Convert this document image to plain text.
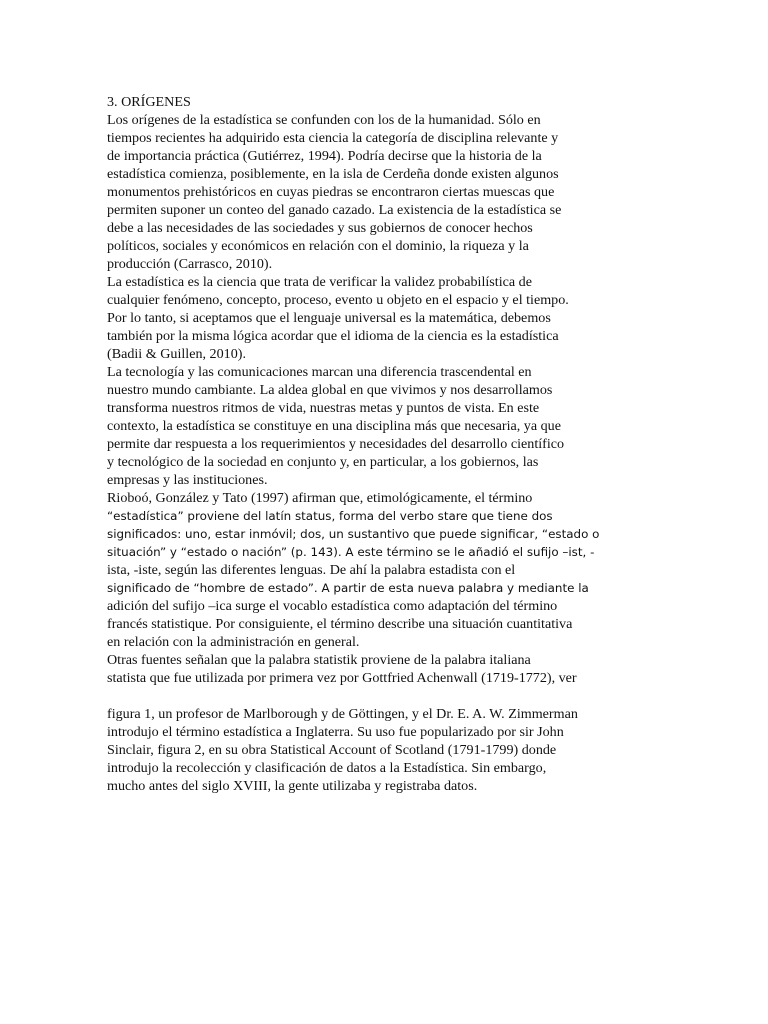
3. ORÍGENES
Los orígenes de la estadística se confunden con los de la humanidad. Sólo en
tiempos recientes ha adquirido esta ciencia la categoría de disciplina relevante y
de importancia práctica (Gutiérrez, 1994). Podría decirse que la historia de la
estadística comienza, posiblemente, en la isla de Cerdeña donde existen algunos
monumentos prehistóricos en cuyas piedras se encontraron ciertas muescas que
permiten suponer un conteo del ganado cazado. La existencia de la estadística se
debe a las necesidades de las sociedades y sus gobiernos de conocer hechos
políticos, sociales y económicos en relación con el dominio, la riqueza y la
producción (Carrasco, 2010).
La estadística es la ciencia que trata de verificar la validez probabilística de
cualquier fenómeno, concepto, proceso, evento u objeto en el espacio y el tiempo.
Por lo tanto, si aceptamos que el lenguaje universal es la matemática, debemos
también por la misma lógica acordar que el idioma de la ciencia es la estadística
(Badii & Guillen, 2010).
La tecnología y las comunicaciones marcan una diferencia trascendental en
nuestro mundo cambiante. La aldea global en que vivimos y nos desarrollamos
transforma nuestros ritmos de vida, nuestras metas y puntos de vista. En este
contexto, la estadística se constituye en una disciplina más que necesaria, ya que
permite dar respuesta a los requerimientos y necesidades del desarrollo científico
y tecnológico de la sociedad en conjunto y, en particular, a los gobiernos, las
empresas y las instituciones.
Rioboó, González y Tato (1997) afirman que, etimológicamente, el término
“estadística” proviene del latín status, forma del verbo stare que tiene dos
significados: uno, estar inmóvil; dos, un sustantivo que puede significar, “estado o
situación” y “estado o nación” (p. 143). A este término se le añadió el sufijo –ist, -
ista, -iste, según las diferentes lenguas. De ahí la palabra estadista con el
significado de “hombre de estado”. A partir de esta nueva palabra y mediante la
adición del sufijo –ica surge el vocablo estadística como adaptación del término
francés statistique. Por consiguiente, el término describe una situación cuantitativa
en relación con la administración en general.
Otras fuentes señalan que la palabra statistik proviene de la palabra italiana
statista que fue utilizada por primera vez por Gottfried Achenwall (1719-1772), ver
figura 1, un profesor de Marlborough y de Göttingen, y el Dr. E. A. W. Zimmerman
introdujo el término estadística a Inglaterra. Su uso fue popularizado por sir John
Sinclair, figura 2, en su obra Statistical Account of Scotland (1791-1799) donde
introdujo la recolección y clasificación de datos a la Estadística. Sin embargo,
mucho antes del siglo XVIII, la gente utilizaba y registraba datos.
